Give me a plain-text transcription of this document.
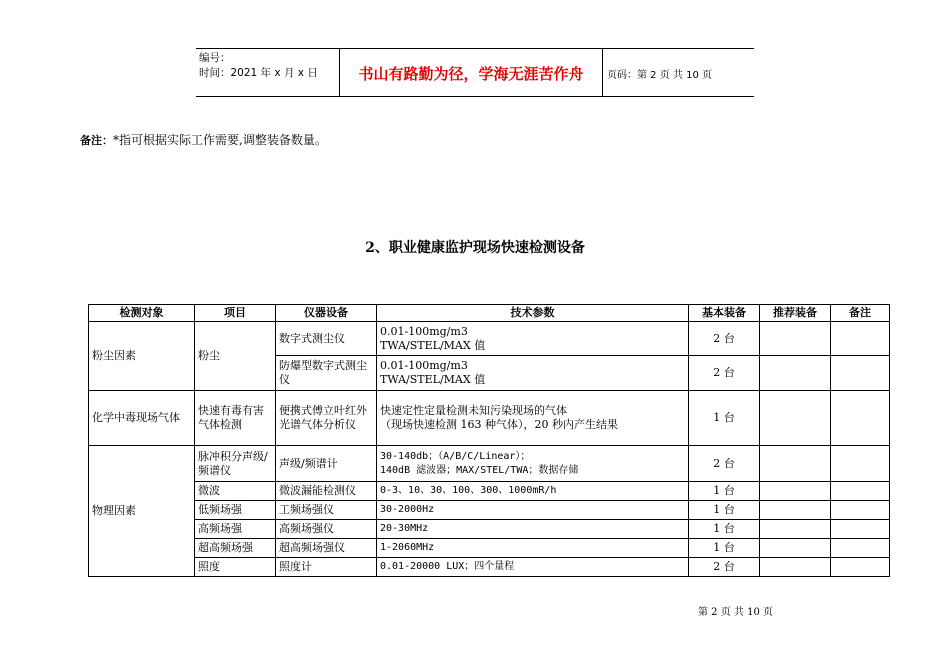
编号：
时间：2021 年 x 月 x 日	书山有路勤为径，学海无涯苦作舟	页码：第 2 页 共 10 页
备注：*指可根据实际工作需要,调整装备数量。
2、职业健康监护现场快速检测设备
检测对象	项目	仪器设备	技术参数	基本装备	推荐装备	备注
粉尘因素	粉尘	数字式测尘仪	0.01-100mg/m3
TWA/STEL/MAX 值	2 台		
		防爆型数字式测尘仪	0.01-100mg/m3
TWA/STEL/MAX 值	2 台		
化学中毒现场气体	快速有毒有害气体检测	便携式傅立叶红外光谱气体分析仪	快速定性定量检测未知污染现场的气体
（现场快速检测 163 种气体），20 秒内产生结果	1 台		
物理因素	脉冲积分声级/频谱仪	声级/频谱计	30-140db；（A/B/C/Linear）；
140dB 滤波器；MAX/STEL/TWA；数据存储	2 台		
	微波	微波漏能检测仪	0-3、10、30、100、300、1000mR/h	1 台		
	低频场强	工频场强仪	30-2000Hz	1 台		
	高频场强	高频场强仪	20-30MHz	1 台		
	超高频场强	超高频场强仪	1-2060MHz	1 台		
	照度	照度计	0.01-20000 LUX；四个量程	2 台		
第 2 页 共 10 页
